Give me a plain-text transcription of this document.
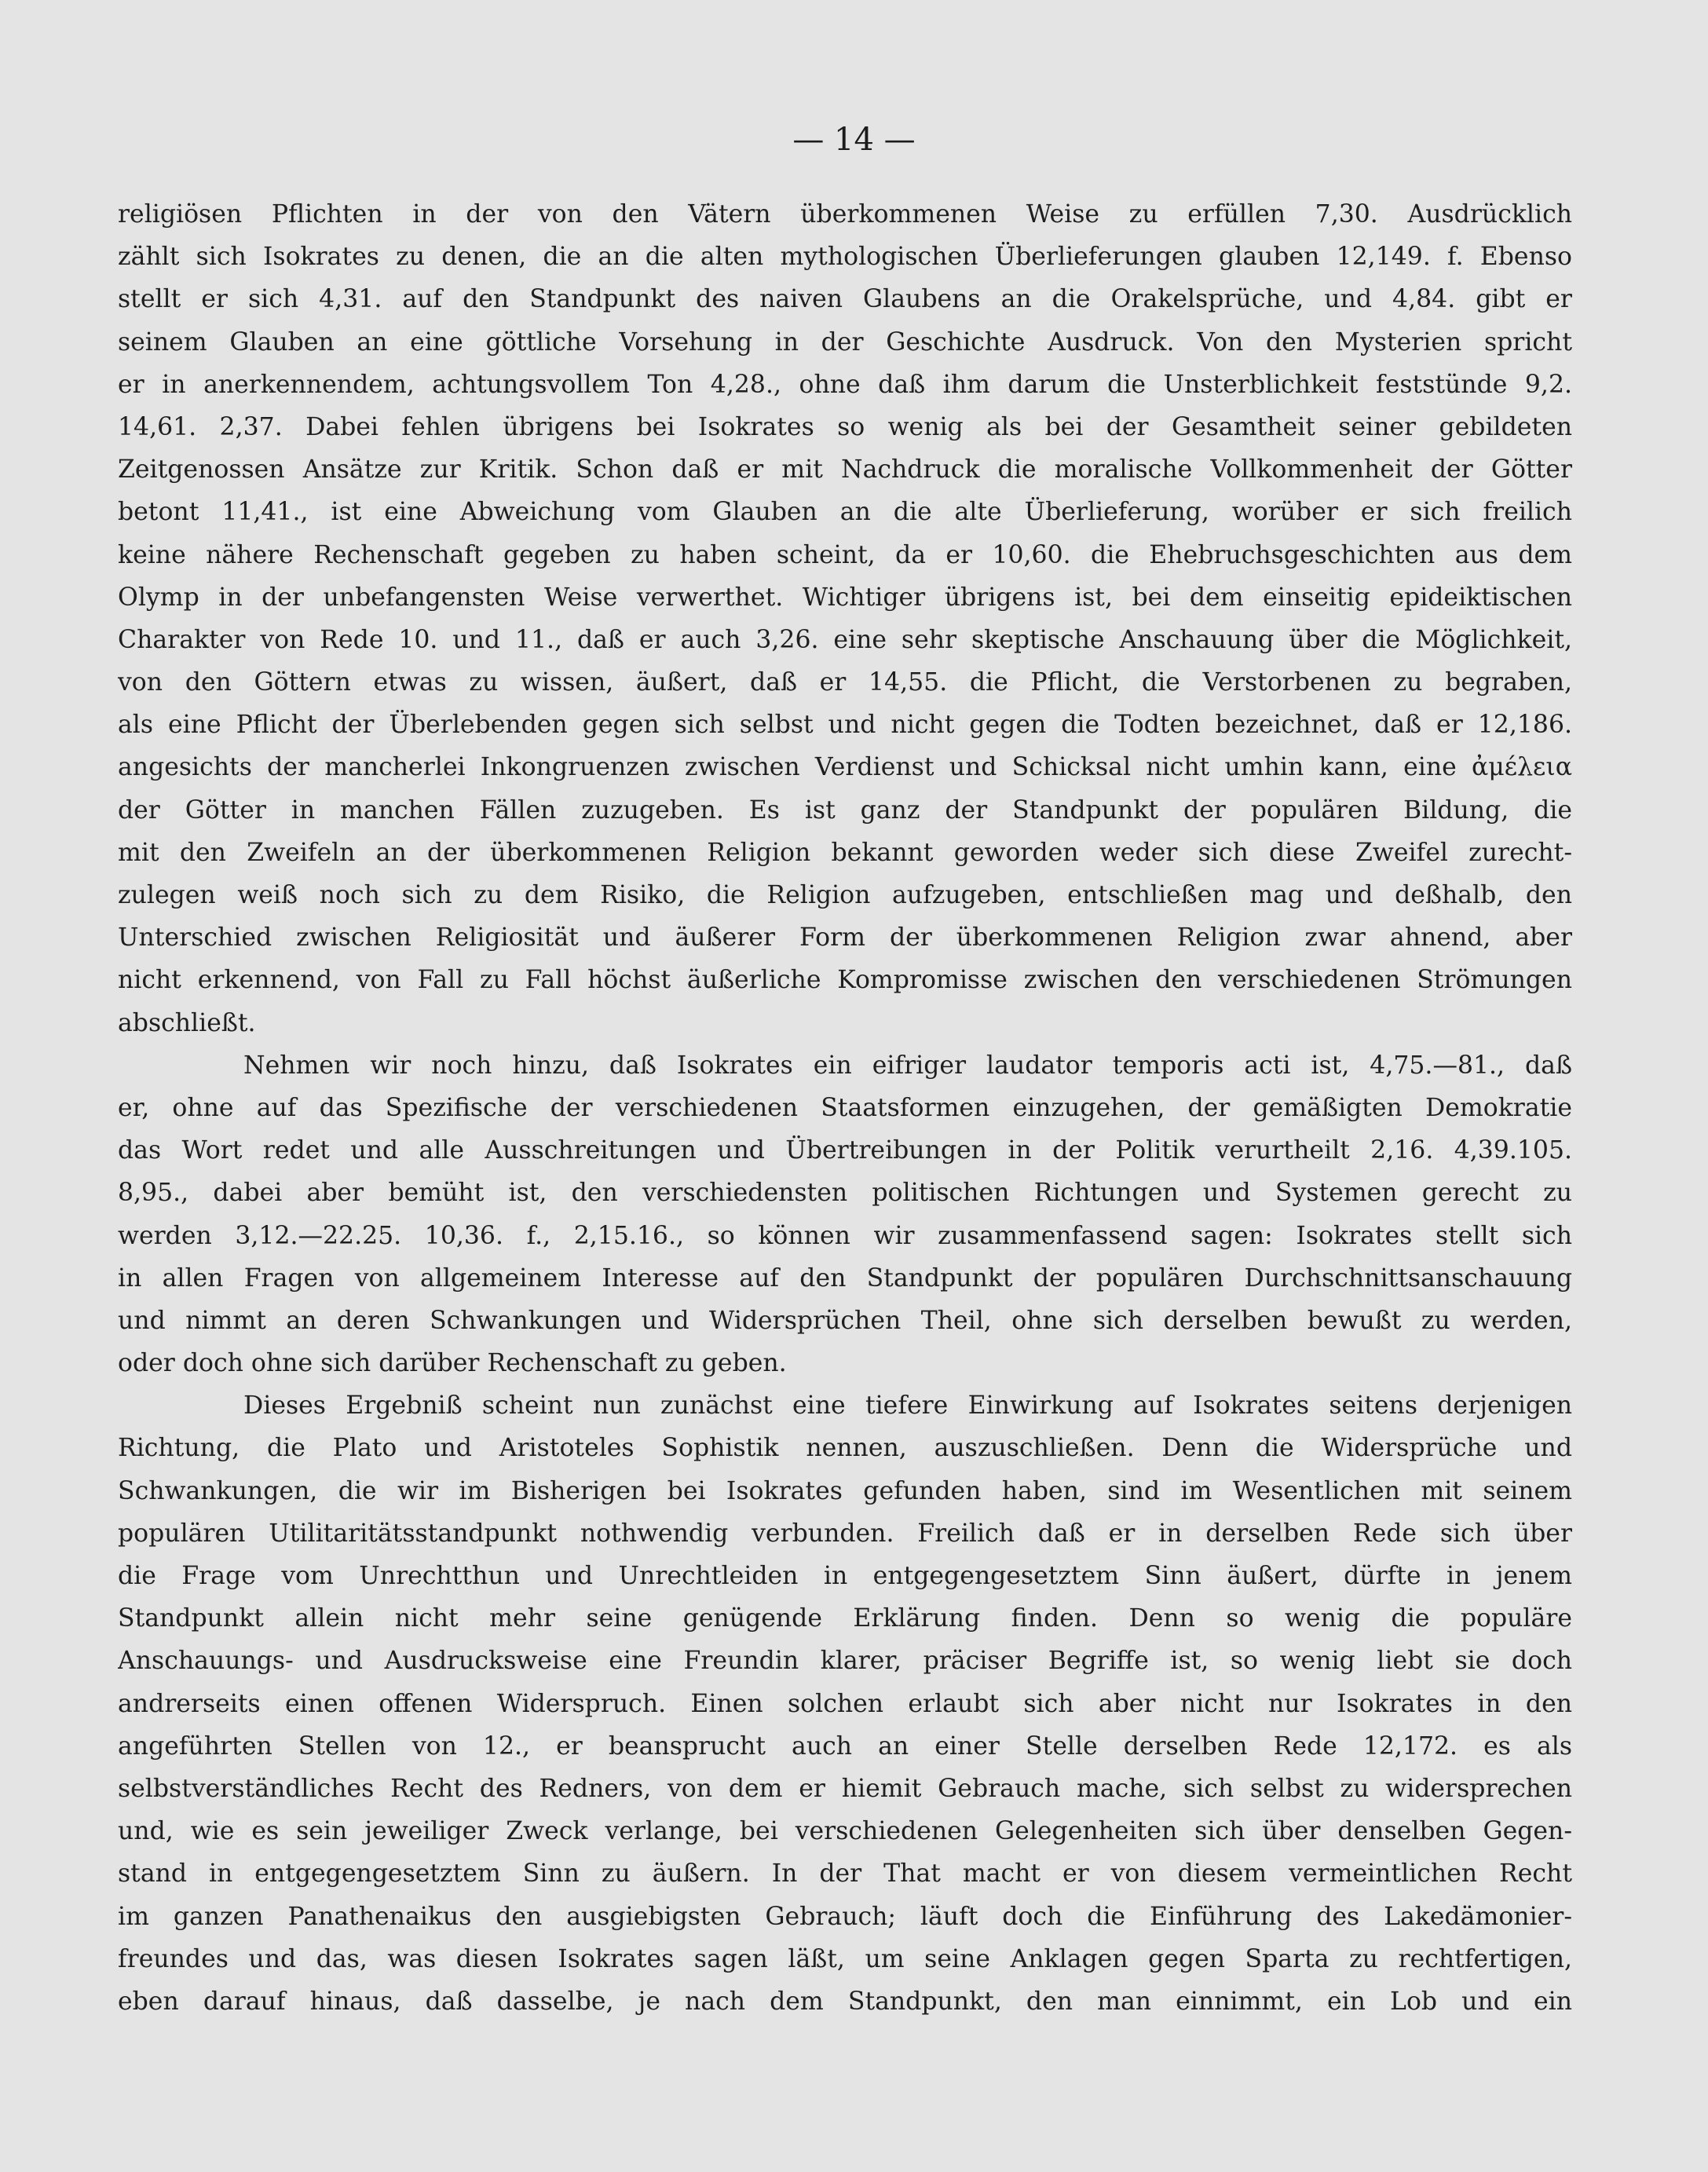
— 14 —
religiösen Pflichten in der von den Vätern überkommenen Weise zu erfüllen 7,30. Ausdrücklich
zählt sich Isokrates zu denen, die an die alten mythologischen Überlieferungen glauben 12,149. f. Ebenso
stellt er sich 4,31. auf den Standpunkt des naiven Glaubens an die Orakelsprüche, und 4,84. gibt er
seinem Glauben an eine göttliche Vorsehung in der Geschichte Ausdruck. Von den Mysterien spricht
er in anerkennendem, achtungsvollem Ton 4,28., ohne daß ihm darum die Unsterblichkeit feststünde 9,2.
14,61. 2,37. Dabei fehlen übrigens bei Isokrates so wenig als bei der Gesamtheit seiner gebildeten
Zeitgenossen Ansätze zur Kritik. Schon daß er mit Nachdruck die moralische Vollkommenheit der Götter
betont 11,41., ist eine Abweichung vom Glauben an die alte Überlieferung, worüber er sich freilich
keine nähere Rechenschaft gegeben zu haben scheint, da er 10,60. die Ehebruchsgeschichten aus dem
Olymp in der unbefangensten Weise verwerthet. Wichtiger übrigens ist, bei dem einseitig epideiktischen
Charakter von Rede 10. und 11., daß er auch 3,26. eine sehr skeptische Anschauung über die Möglichkeit,
von den Göttern etwas zu wissen, äußert, daß er 14,55. die Pflicht, die Verstorbenen zu begraben,
als eine Pflicht der Überlebenden gegen sich selbst und nicht gegen die Todten bezeichnet, daß er 12,186.
angesichts der mancherlei Inkongruenzen zwischen Verdienst und Schicksal nicht umhin kann, eine ἀμέλεια
der Götter in manchen Fällen zuzugeben. Es ist ganz der Standpunkt der populären Bildung, die
mit den Zweifeln an der überkommenen Religion bekannt geworden weder sich diese Zweifel zurecht-
zulegen weiß noch sich zu dem Risiko, die Religion aufzugeben, entschließen mag und deßhalb, den
Unterschied zwischen Religiosität und äußerer Form der überkommenen Religion zwar ahnend, aber
nicht erkennend, von Fall zu Fall höchst äußerliche Kompromisse zwischen den verschiedenen Strömungen
abschließt.
Nehmen wir noch hinzu, daß Isokrates ein eifriger laudator temporis acti ist, 4,75.—81., daß
er, ohne auf das Spezifische der verschiedenen Staatsformen einzugehen, der gemäßigten Demokratie
das Wort redet und alle Ausschreitungen und Übertreibungen in der Politik verurtheilt 2,16. 4,39.105.
8,95., dabei aber bemüht ist, den verschiedensten politischen Richtungen und Systemen gerecht zu
werden 3,12.—22.25. 10,36. f., 2,15.16., so können wir zusammenfassend sagen: Isokrates stellt sich
in allen Fragen von allgemeinem Interesse auf den Standpunkt der populären Durchschnittsanschauung
und nimmt an deren Schwankungen und Widersprüchen Theil, ohne sich derselben bewußt zu werden,
oder doch ohne sich darüber Rechenschaft zu geben.
Dieses Ergebniß scheint nun zunächst eine tiefere Einwirkung auf Isokrates seitens derjenigen
Richtung, die Plato und Aristoteles Sophistik nennen, auszuschließen. Denn die Widersprüche und
Schwankungen, die wir im Bisherigen bei Isokrates gefunden haben, sind im Wesentlichen mit seinem
populären Utilitaritätsstandpunkt nothwendig verbunden. Freilich daß er in derselben Rede sich über
die Frage vom Unrechtthun und Unrechtleiden in entgegengesetztem Sinn äußert, dürfte in jenem
Standpunkt allein nicht mehr seine genügende Erklärung finden. Denn so wenig die populäre
Anschauungs- und Ausdrucksweise eine Freundin klarer, präciser Begriffe ist, so wenig liebt sie doch
andrerseits einen offenen Widerspruch. Einen solchen erlaubt sich aber nicht nur Isokrates in den
angeführten Stellen von 12., er beansprucht auch an einer Stelle derselben Rede 12,172. es als
selbstverständliches Recht des Redners, von dem er hiemit Gebrauch mache, sich selbst zu widersprechen
und, wie es sein jeweiliger Zweck verlange, bei verschiedenen Gelegenheiten sich über denselben Gegen-
stand in entgegengesetztem Sinn zu äußern. In der That macht er von diesem vermeintlichen Recht
im ganzen Panathenaikus den ausgiebigsten Gebrauch; läuft doch die Einführung des Lakedämonier-
freundes und das, was diesen Isokrates sagen läßt, um seine Anklagen gegen Sparta zu rechtfertigen,
eben darauf hinaus, daß dasselbe, je nach dem Standpunkt, den man einnimmt, ein Lob und ein
